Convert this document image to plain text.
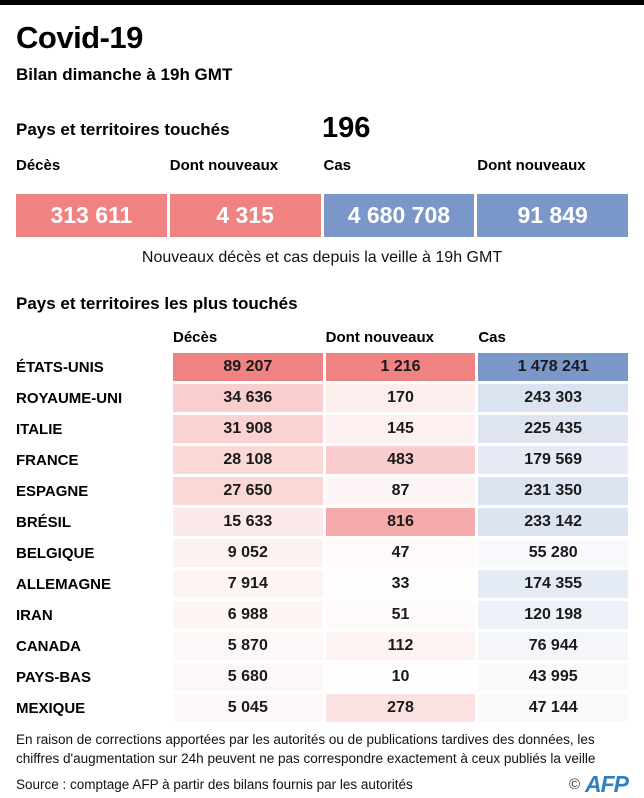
Covid-19
Bilan dimanche à 19h GMT
Pays et territoires touchés	196
Décès	Dont nouveaux	Cas	Dont nouveaux
313 611	4 315	4 680 708	91 849
Nouveaux décès et cas depuis la veille à 19h GMT
Pays et territoires les plus touchés
Décès	Dont nouveaux	Cas
ÉTATS-UNIS	89 207	1 216	1 478 241
ROYAUME-UNI	34 636	170	243 303
ITALIE	31 908	145	225 435
FRANCE	28 108	483	179 569
ESPAGNE	27 650	87	231 350
BRÉSIL	15 633	816	233 142
BELGIQUE	9 052	47	55 280
ALLEMAGNE	7 914	33	174 355
IRAN	6 988	51	120 198
CANADA	5 870	112	76 944
PAYS-BAS	5 680	10	43 995
MEXIQUE	5 045	278	47 144
En raison de corrections apportées par les autorités ou de publications tardives des données, les chiffres d'augmentation sur 24h peuvent ne pas correspondre exactement à ceux publiés la veille
Source : comptage AFP à partir des bilans fournis par les autorités	© AFP
